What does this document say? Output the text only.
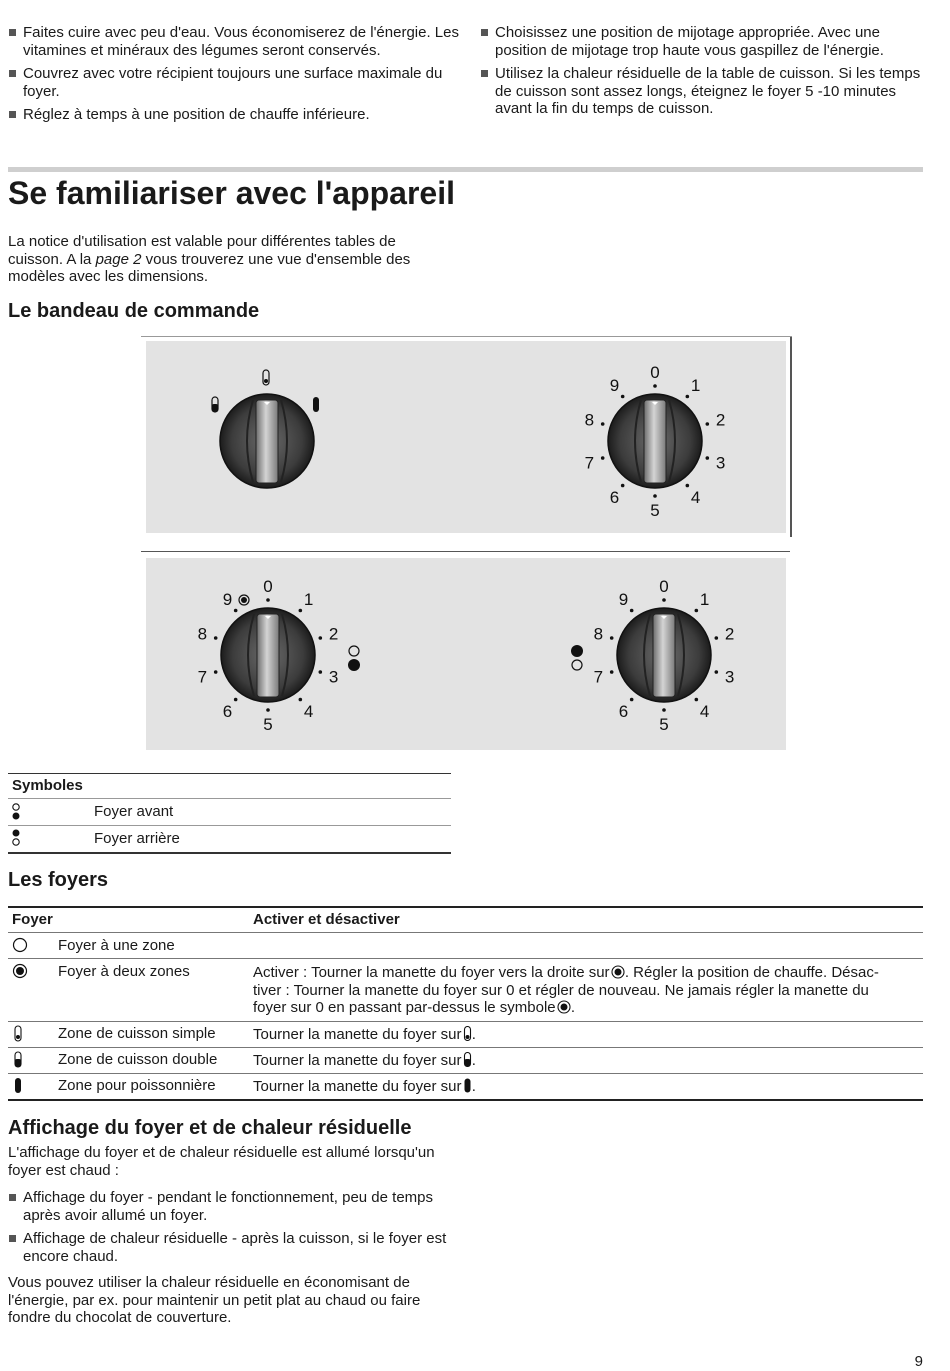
Faites cuire avec peu d'eau. Vous économiserez de l'énergie. Les vitamines et minéraux des légumes seront conservés.
Couvrez avec votre récipient toujours une surface maximale du foyer.
Réglez à temps à une position de chauffe inférieure.
Choisissez une position de mijotage appropriée. Avec une position de mijotage trop haute vous gaspillez de l'énergie.
Utilisez la chaleur résiduelle de la table de cuisson. Si les temps de cuisson sont assez longs, éteignez le foyer 5 -10 minutes avant la fin du temps de cuisson.
Se familiariser avec l'appareil
La notice d'utilisation est valable pour différentes tables de cuisson. A la page 2 vous trouverez une vue d'ensemble des modèles avec les dimensions.
Le bandeau de commande
0
1
2
3
4
5
6
7
8
9
0
1
2
3
4
5
6
7
8
9
0
1
2
3
4
5
6
7
8
9
Symboles
Foyer avant
Foyer arrière
Les foyers
Foyer	Activer et désactiver
Foyer à une zone
Foyer à deux zones	Activer : Tourner la manette du foyer vers la droite sur  . Régler la position de chauffe. Désac-
tiver : Tourner la manette du foyer sur 0 et régler de nouveau. Ne jamais régler la manette du
foyer sur 0 en passant par-dessus le symbole  .
Zone de cuisson simple Tourner la manette du foyer sur  .
Zone de cuisson double Tourner la manette du foyer sur  .
Zone pour poissonnière Tourner la manette du foyer sur  .
Affichage du foyer et de chaleur résiduelle
L'affichage du foyer et de chaleur résiduelle est allumé lorsqu'un foyer est chaud :
Affichage du foyer - pendant le fonctionnement, peu de temps après avoir allumé un foyer.
Affichage de chaleur résiduelle - après la cuisson, si le foyer est encore chaud.
Vous pouvez utiliser la chaleur résiduelle en économisant de l'énergie, par ex. pour maintenir un petit plat au chaud ou faire fondre du chocolat de couverture.
9
